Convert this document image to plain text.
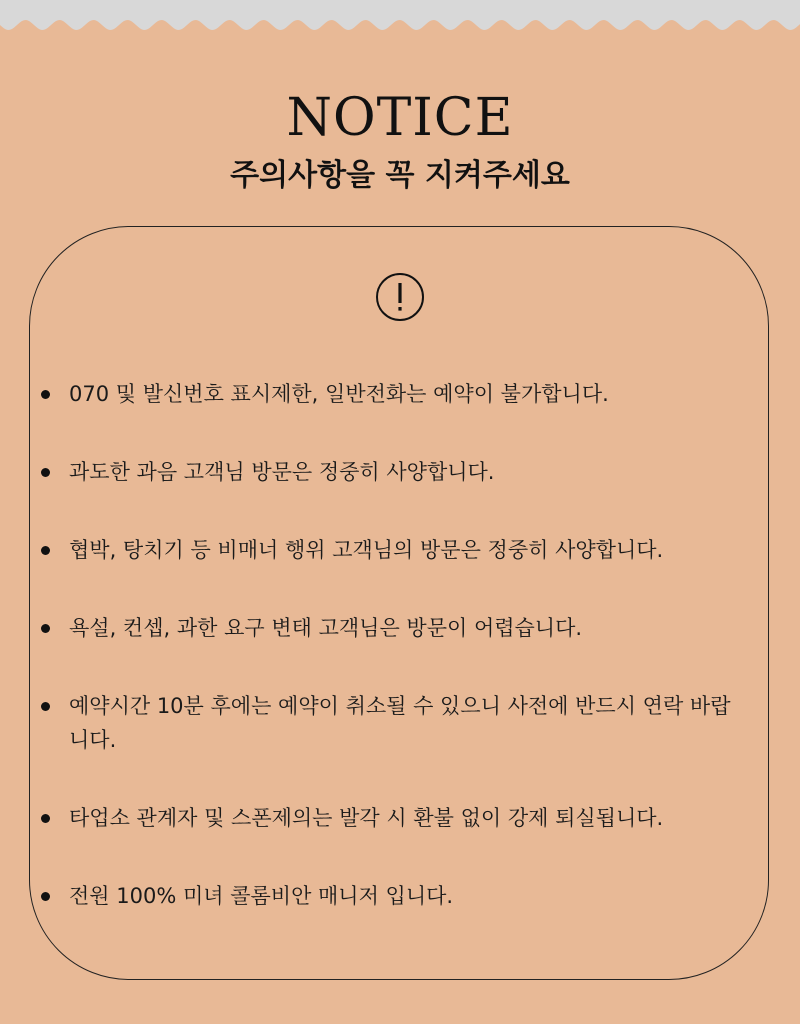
NOTICE
주의사항을 꼭 지켜주세요
070 및 발신번호 표시제한, 일반전화는 예약이 불가합니다.
과도한 과음 고객님 방문은 정중히 사양합니다.
협박, 탕치기 등 비매너 행위 고객님의 방문은 정중히 사양합니다.
욕설, 컨셉, 과한 요구 변태 고객님은 방문이 어렵습니다.
예약시간 10분 후에는 예약이 취소될 수 있으니 사전에 반드시 연락 바랍니다.
타업소 관계자 및 스폰제의는 발각 시 환불 없이 강제 퇴실됩니다.
전원 100% 미녀 콜롬비안 매니저 입니다.
